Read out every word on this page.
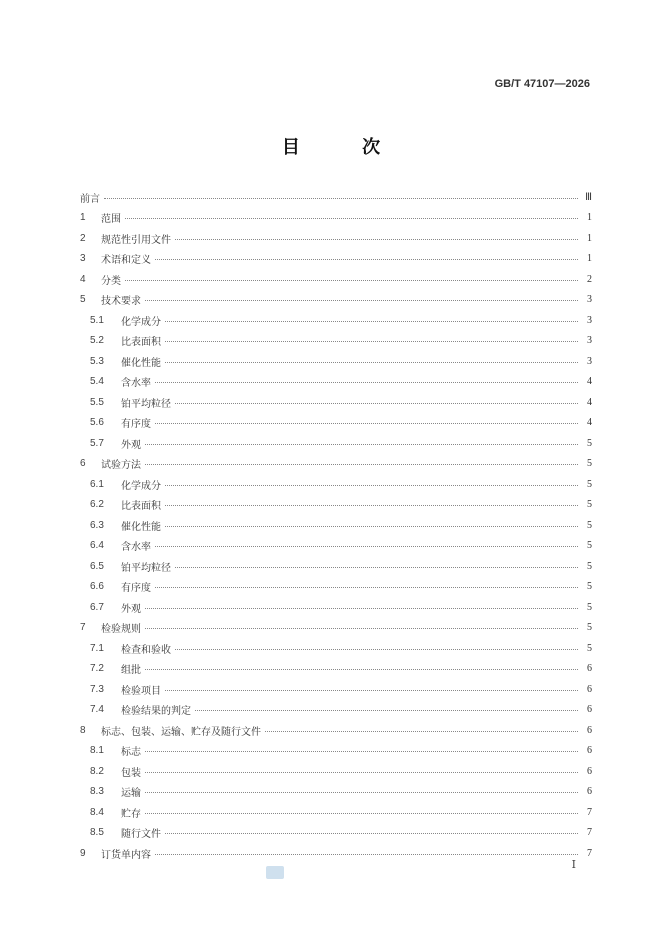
GB/T 47107—2026
目 次
前言	Ⅲ
1	范围	1
2	规范性引用文件	1
3	术语和定义	1
4	分类	2
5	技术要求	3
5.1	化学成分	3
5.2	比表面积	3
5.3	催化性能	3
5.4	含水率	4
5.5	铂平均粒径	4
5.6	有序度	4
5.7	外观	5
6	试验方法	5
6.1	化学成分	5
6.2	比表面积	5
6.3	催化性能	5
6.4	含水率	5
6.5	铂平均粒径	5
6.6	有序度	5
6.7	外观	5
7	检验规则	5
7.1	检查和验收	5
7.2	组批	6
7.3	检验项目	6
7.4	检验结果的判定	6
8	标志、包装、运输、贮存及随行文件	6
8.1	标志	6
8.2	包装	6
8.3	运输	6
8.4	贮存	7
8.5	随行文件	7
9	订货单内容	7
I
